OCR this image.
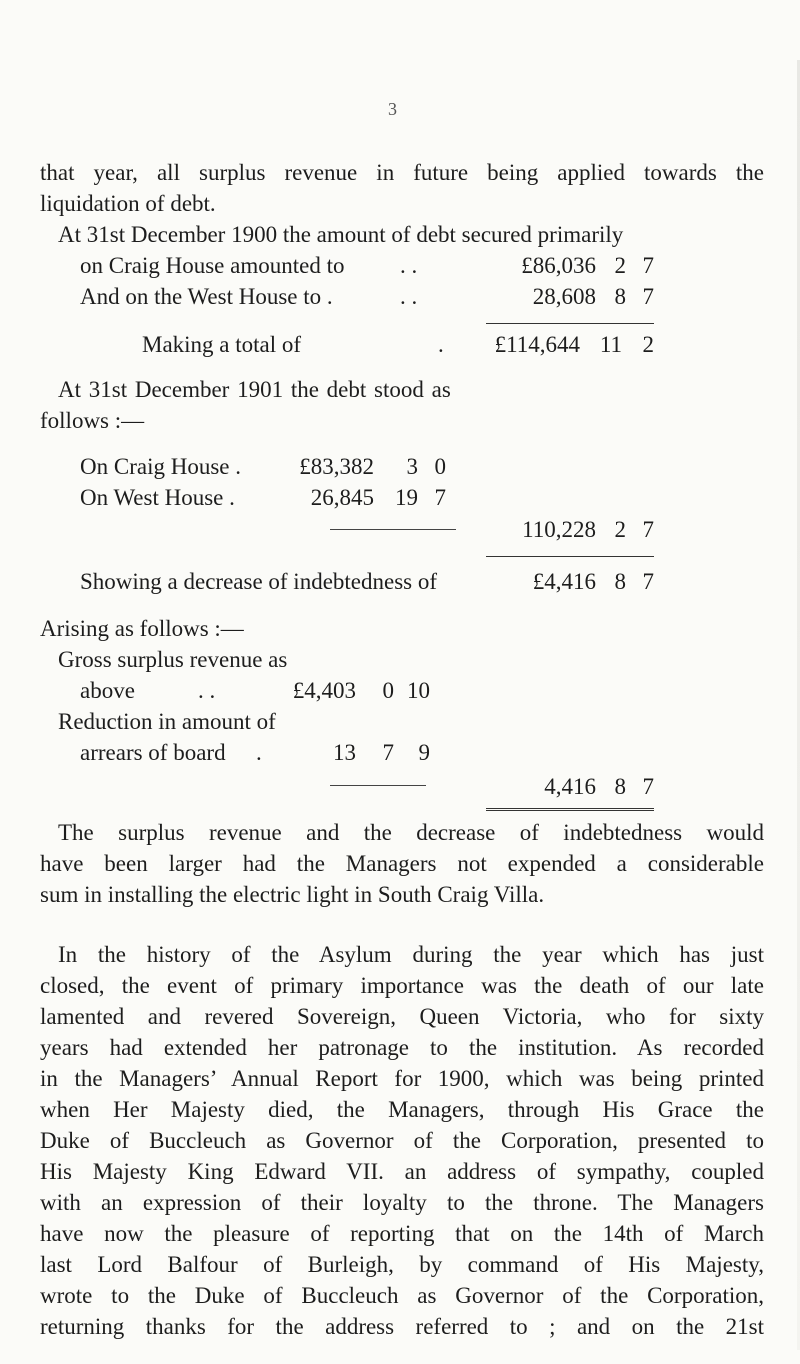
3
that year, all surplus revenue in future being applied towards the
liquidation of debt.
At 31st December 1900 the amount of debt secured primarily
on Craig House amounted to . .	£86,036 2 7
And on the West House to .	. .	28,608 8 7
Making a total of	.	£114,644 11 2
At 31st December 1901 the debt stood as
follows :—
On Craig House .	£83,382	3 0
On West House .	26,845 19 7
110,228 2 7
Showing a decrease of indebtedness of	£4,416 8 7
Arising as follows :—
Gross surplus revenue as
above	. .	£4,403	0 10
Reduction in amount of
arrears of board .	13	7	9
4,416 8 7
The surplus revenue and the decrease of indebtedness would
have been larger had the Managers not expended a considerable
sum in installing the electric light in South Craig Villa.
In the history of the Asylum during the year which has just
closed, the event of primary importance was the death of our late
lamented and revered Sovereign, Queen Victoria, who for sixty
years had extended her patronage to the institution. As recorded
in the Managers’ Annual Report for 1900, which was being printed
when Her Majesty died, the Managers, through His Grace the
Duke of Buccleuch as Governor of the Corporation, presented to
His Majesty King Edward VII. an address of sympathy, coupled
with an expression of their loyalty to the throne. The Managers
have now the pleasure of reporting that on the 14th of March
last Lord Balfour of Burleigh, by command of His Majesty,
wrote to the Duke of Buccleuch as Governor of the Corporation,
returning thanks for the address referred to ; and on the 21st
